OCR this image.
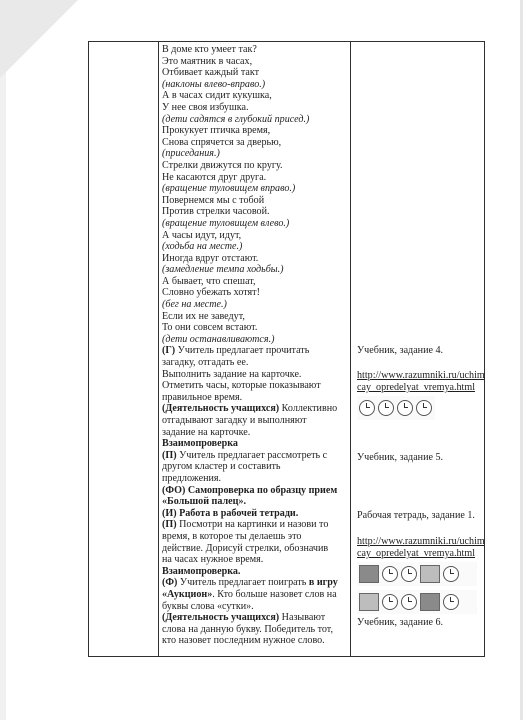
В доме кто умеет так?
Это маятник в часах,
Отбивает каждый такт
(наклоны влево-вправо.)
А в часах сидит кукушка,
У нее своя избушка.
(дети садятся в глубокий присед.)
Прокукует птичка время,
Снова спрячется за дверью,
(приседания.)
Стрелки движутся по кругу.
Не касаются друг друга.
(вращение туловищем вправо.)
Повернемся мы с тобой
Против стрелки часовой.
(вращение туловищем влево.)
А часы идут, идут,
(ходьба на месте.)
Иногда вдруг отстают.
(замедление темпа ходьбы.)
А бывает, что спешат,
Словно убежать хотят!
(бег на месте.)
Если их не заведут,
То они совсем встают.
(дети останавливаются.)
(Г) Учитель предлагает прочитать
загадку, отгадать ее.
Выполнить задание на карточке.
Отметить часы, которые показывают
правильное время.
(Деятельность учащихся) Коллективно
отгадывают загадку и выполняют
задание на карточке.
Взаимопроверка
(П) Учитель предлагает рассмотреть с
другом кластер и составить
предложения.
(ФО) Самопроверка по образцу прием
«Большой палец».
(И) Работа в рабочей тетради.
(П) Посмотри на картинки и назови то
время, в которое ты делаешь это
действие. Дорисуй стрелки, обозначив
на часах нужное время.
Взаимопроверка.
(Ф) Учитель предлагает поиграть в игру
«Аукцион». Кто больше назовет слов на
буквы слова «сутки».
(Деятельность учащихся) Называют
слова на данную букву. Победитель тот,
кто назовет последним нужное слово.
Учебник, задание 4.
http://www.razumniki.ru/uchim
cay_opredelyat_vremya.html
Учебник, задание 5.
Рабочая тетрадь, задание 1.
http://www.razumniki.ru/uchim
cay_opredelyat_vremya.html
Учебник, задание 6.
